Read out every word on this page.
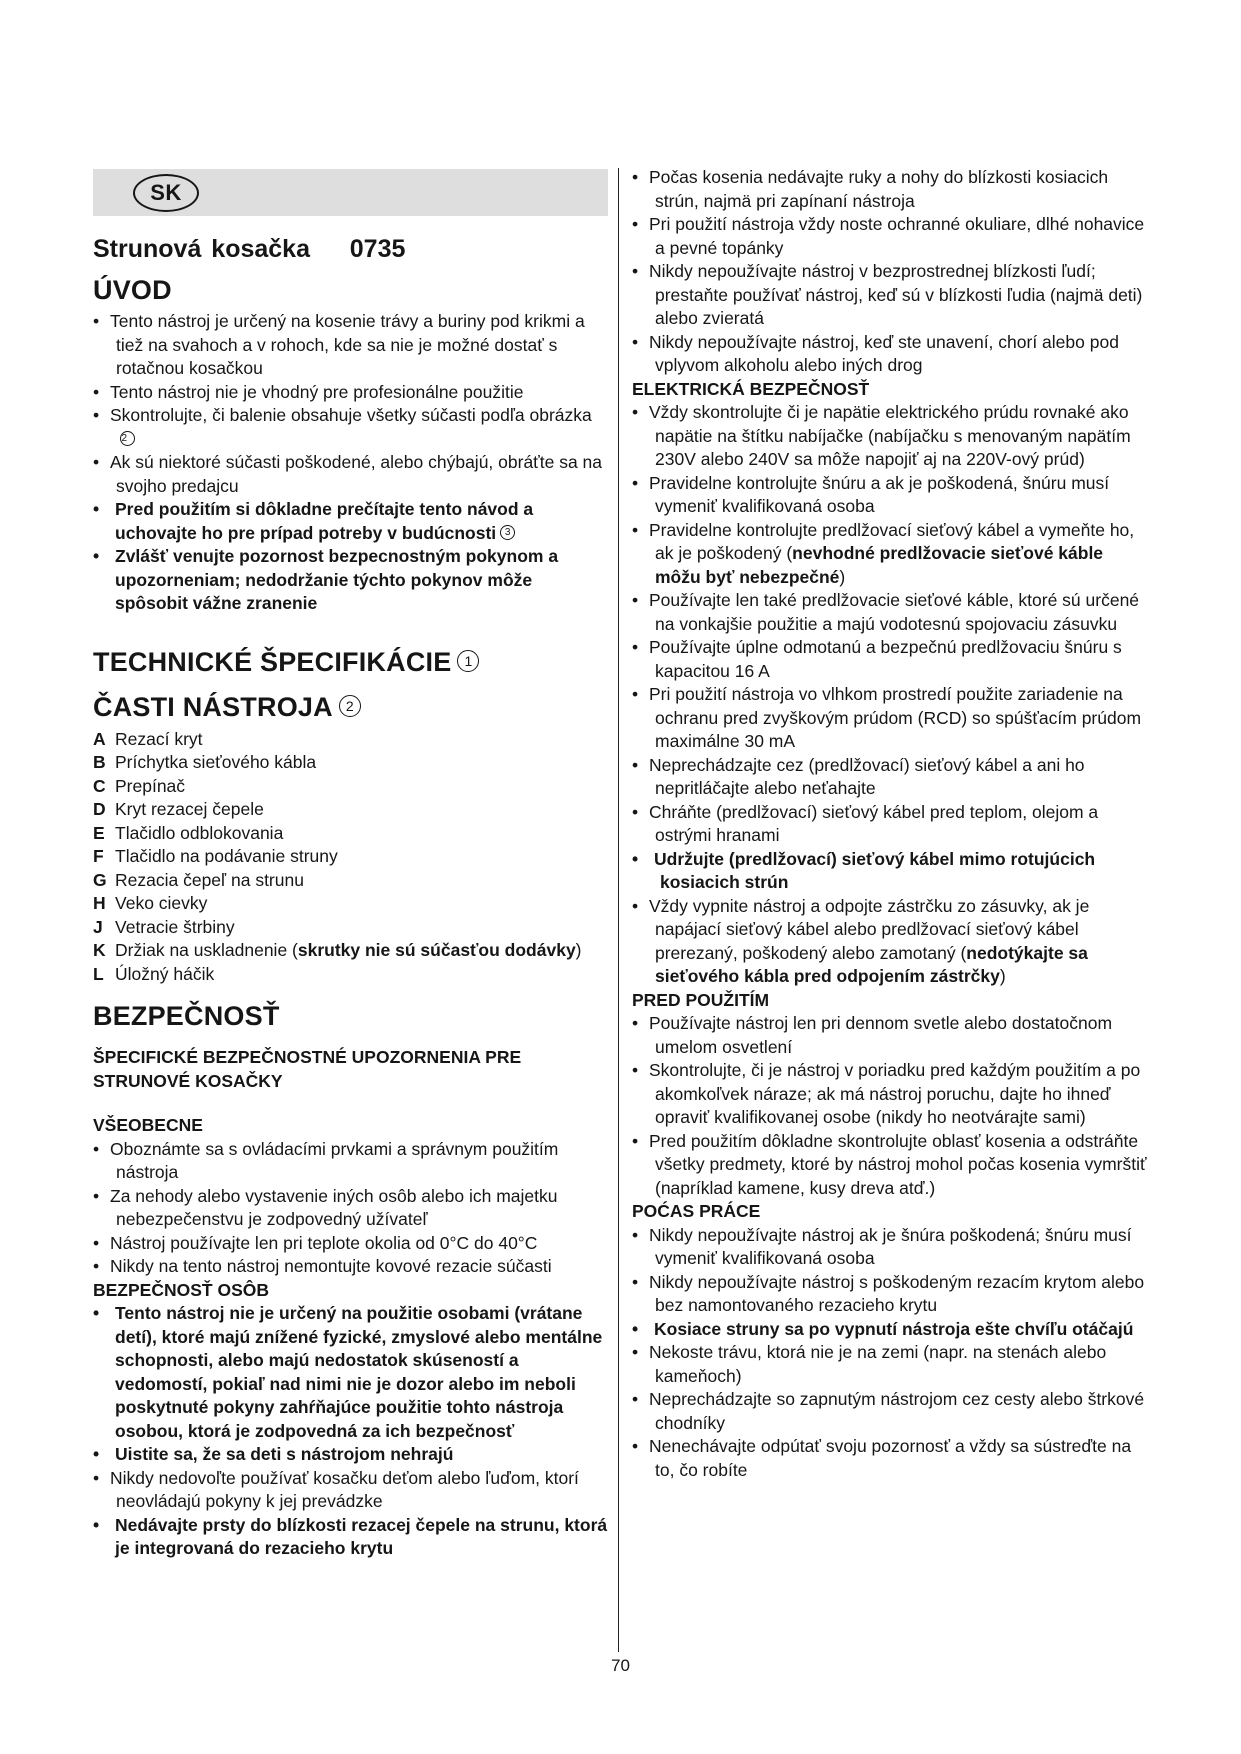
SK
Strunová kosačka    0735
ÚVOD
• Tento nástroj je určený na kosenie trávy a buriny pod krikmi a tiež na svahoch a v rohoch, kde sa nie je možné dostať s rotačnou kosačkou
• Tento nástroj nie je vhodný pre profesionálne použitie
• Skontrolujte, či balenie obsahuje všetky súčasti podľa obrázka2
• Ak sú niektoré súčasti poškodené, alebo chýbajú, obráťte sa na svojho predajcu
• Pred použitím si dôkladne prečítajte tento návod a uchovajte ho pre prípad potreby v budúcnosti 3
• Zvlášť venujte pozornost bezpecnostným pokynom a upozorneniam; nedodržanie týchto pokynov môže spôsobit vážne zranenie
TECHNICKÉ ŠPECIFIKÁCIE 1
ČASTI NÁSTROJA 2
A Rezací kryt
B Príchytka sieťového kábla
C Prepínač
D Kryt rezacej čepele
E Tlačidlo odblokovania
F Tlačidlo na podávanie struny
G Rezacia čepeľ na strunu
H Veko cievky
J Vetracie štrbiny
K Držiak na uskladnenie (skrutky nie sú súčasťou dodávky)
L Úložný háčik
BEZPEČNOSŤ
ŠPECIFICKÉ BEZPEČNOSTNÉ UPOZORNENIA PRE STRUNOVÉ KOSAČKY
VŠEOBECNE
• Oboznámte sa s ovládacími prvkami a správnym použitím nástroja
• Za nehody alebo vystavenie iných osôb alebo ich majetku nebezpečenstvu je zodpovedný užívateľ
• Nástroj používajte len pri teplote okolia od 0°C do 40°C
• Nikdy na tento nástroj nemontujte kovové rezacie súčasti
BEZPEČNOSŤ OSÔB
• Tento nástroj nie je určený na použitie osobami (vrátane detí), ktoré majú znížené fyzické, zmyslové alebo mentálne schopnosti, alebo majú nedostatok skúseností a vedomostí, pokiaľ nad nimi nie je dozor alebo im neboli poskytnuté pokyny zahŕňajúce použitie tohto nástroja osobou, ktorá je zodpovedná za ich bezpečnosť
• Uistite sa, že sa deti s nástrojom nehrajú
• Nikdy nedovoľte používať kosačku deťom alebo ľuďom, ktorí neovládajú pokyny k jej prevádzke
• Nedávajte prsty do blízkosti rezacej čepele na strunu, ktorá je integrovaná do rezacieho krytu
• Počas kosenia nedávajte ruky a nohy do blízkosti kosiacich strún, najmä pri zapínaní nástroja
• Pri použití nástroja vždy noste ochranné okuliare, dlhé nohavice a pevné topánky
• Nikdy nepoužívajte nástroj v bezprostrednej blízkosti ľudí; prestaňte používať nástroj, keď sú v blízkosti ľudia (najmä deti) alebo zvieratá
• Nikdy nepoužívajte nástroj, keď ste unavení, chorí alebo pod vplyvom alkoholu alebo iných drog
ELEKTRICKÁ BEZPEČNOSŤ
• Vždy skontrolujte či je napätie elektrického prúdu rovnaké ako napätie na štítku nabíjačke (nabíjačku s menovaným napätím 230V alebo 240V sa môže napojiť aj na 220V-ový prúd)
• Pravidelne kontrolujte šnúru a ak je poškodená, šnúru musí vymeniť kvalifikovaná osoba
• Pravidelne kontrolujte predlžovací sieťový kábel a vymeňte ho, ak je poškodený (nevhodné predlžovacie sieťové káble môžu byť nebezpečné)
• Používajte len také predlžovacie sieťové káble, ktoré sú určené na vonkajšie použitie a majú vodotesnú spojovaciu zásuvku
• Používajte úplne odmotanú a bezpečnú predlžovaciu šnúru s kapacitou 16 A
• Pri použití nástroja vo vlhkom prostredí použite zariadenie na ochranu pred zvyškovým prúdom (RCD) so spúšťacím prúdom maximálne 30 mA
• Neprechádzajte cez (predlžovací) sieťový kábel a ani ho nepritláčajte alebo neťahajte
• Chráňte (predlžovací) sieťový kábel pred teplom, olejom a ostrými hranami
• Udržujte (predlžovací) sieťový kábel mimo rotujúcich kosiacich strún
• Vždy vypnite nástroj a odpojte zástrčku zo zásuvky, ak je napájací sieťový kábel alebo predlžovací sieťový kábel prerezaný, poškodený alebo zamotaný (nedotýkajte sa sieťového kábla pred odpojením zástrčky)
PRED POUŽITÍM
• Používajte nástroj len pri dennom svetle alebo dostatočnom umelom osvetlení
• Skontrolujte, či je nástroj v poriadku pred každým použitím a po akomkoľvek náraze; ak má nástroj poruchu, dajte ho ihneď opraviť kvalifikovanej osobe (nikdy ho neotvárajte sami)
• Pred použitím dôkladne skontrolujte oblasť kosenia a odstráňte všetky predmety, ktoré by nástroj mohol počas kosenia vymrštiť (napríklad kamene, kusy dreva atď.)
POĆAS PRÁCE
• Nikdy nepoužívajte nástroj ak je šnúra poškodená; šnúru musí vymeniť kvalifikovaná osoba
• Nikdy nepoužívajte nástroj s poškodeným rezacím krytom alebo bez namontovaného rezacieho krytu
• Kosiace struny sa po vypnutí nástroja ešte chvíľu otáčajú
• Nekoste trávu, ktorá nie je na zemi (napr. na stenách alebo kameňoch)
• Neprechádzajte so zapnutým nástrojom cez cesty alebo štrkové chodníky
• Nenechávajte odpútať svoju pozornosť a vždy sa sústreďte na to, čo robíte
70
